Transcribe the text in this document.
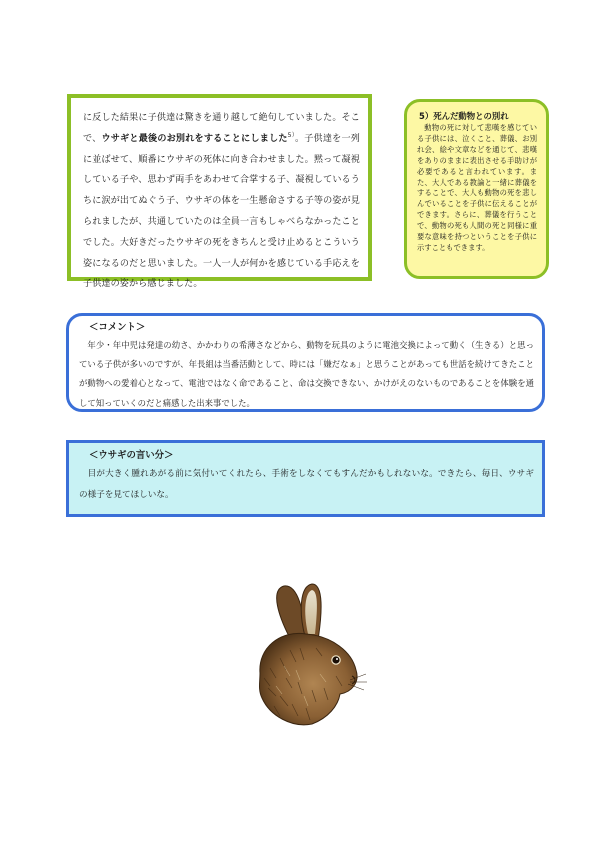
に反した結果に子供達は驚きを通り越して絶句していました。そこで、ウサギと最後のお別れをすることにしました$^{5)}$。子供達を一列に並ばせて、順番にウサギの死体に向き合わせました。黙って凝視している子や、思わず両手をあわせて合掌する子、凝視しているうちに涙が出てぬぐう子、ウサギの体を一生懸命さする子等の姿が見られましたが、共通していたのは全員一言もしゃべらなかったことでした。大好きだったウサギの死をきちんと受け止めるとこういう姿になるのだと思いました。一人一人が何かを感じている手応えを子供達の姿から感じました。

5）死んだ動物との別れ

動物の死に対して悲嘆を感じている子供には、泣くこと、葬儀、お別れ会、絵や文章などを通じて、悲嘆をありのままに表出させる手助けが必要であると言われています。また、大人である教論と一緒に葬儀をすることで、大人も動物の死を悲しんでいることを子供に伝えることができます。さらに、葬儀を行うことで、動物の死も人間の死と同様に重要な意味を持つということを子供に示すこともできます。

＜コメント＞

年少・年中児は発達の幼さ、かかわりの希薄さなどから、動物を玩具のように電池交換によって動く（生きる）と思っている子供が多いのですが、年長組は当番活動として、時には「嫌だなぁ」と思うことがあっても世話を続けてきたことが動物への愛着心となって、電池ではなく命であること、命は交換できない、かけがえのないものであることを体験を通して知っていくのだと痛感した出来事でした。

＜ウサギの言い分＞

目が大きく腫れあがる前に気付いてくれたら、手術をしなくてもすんだかもしれないな。できたら、毎日、ウサギの様子を見てほしいな。
